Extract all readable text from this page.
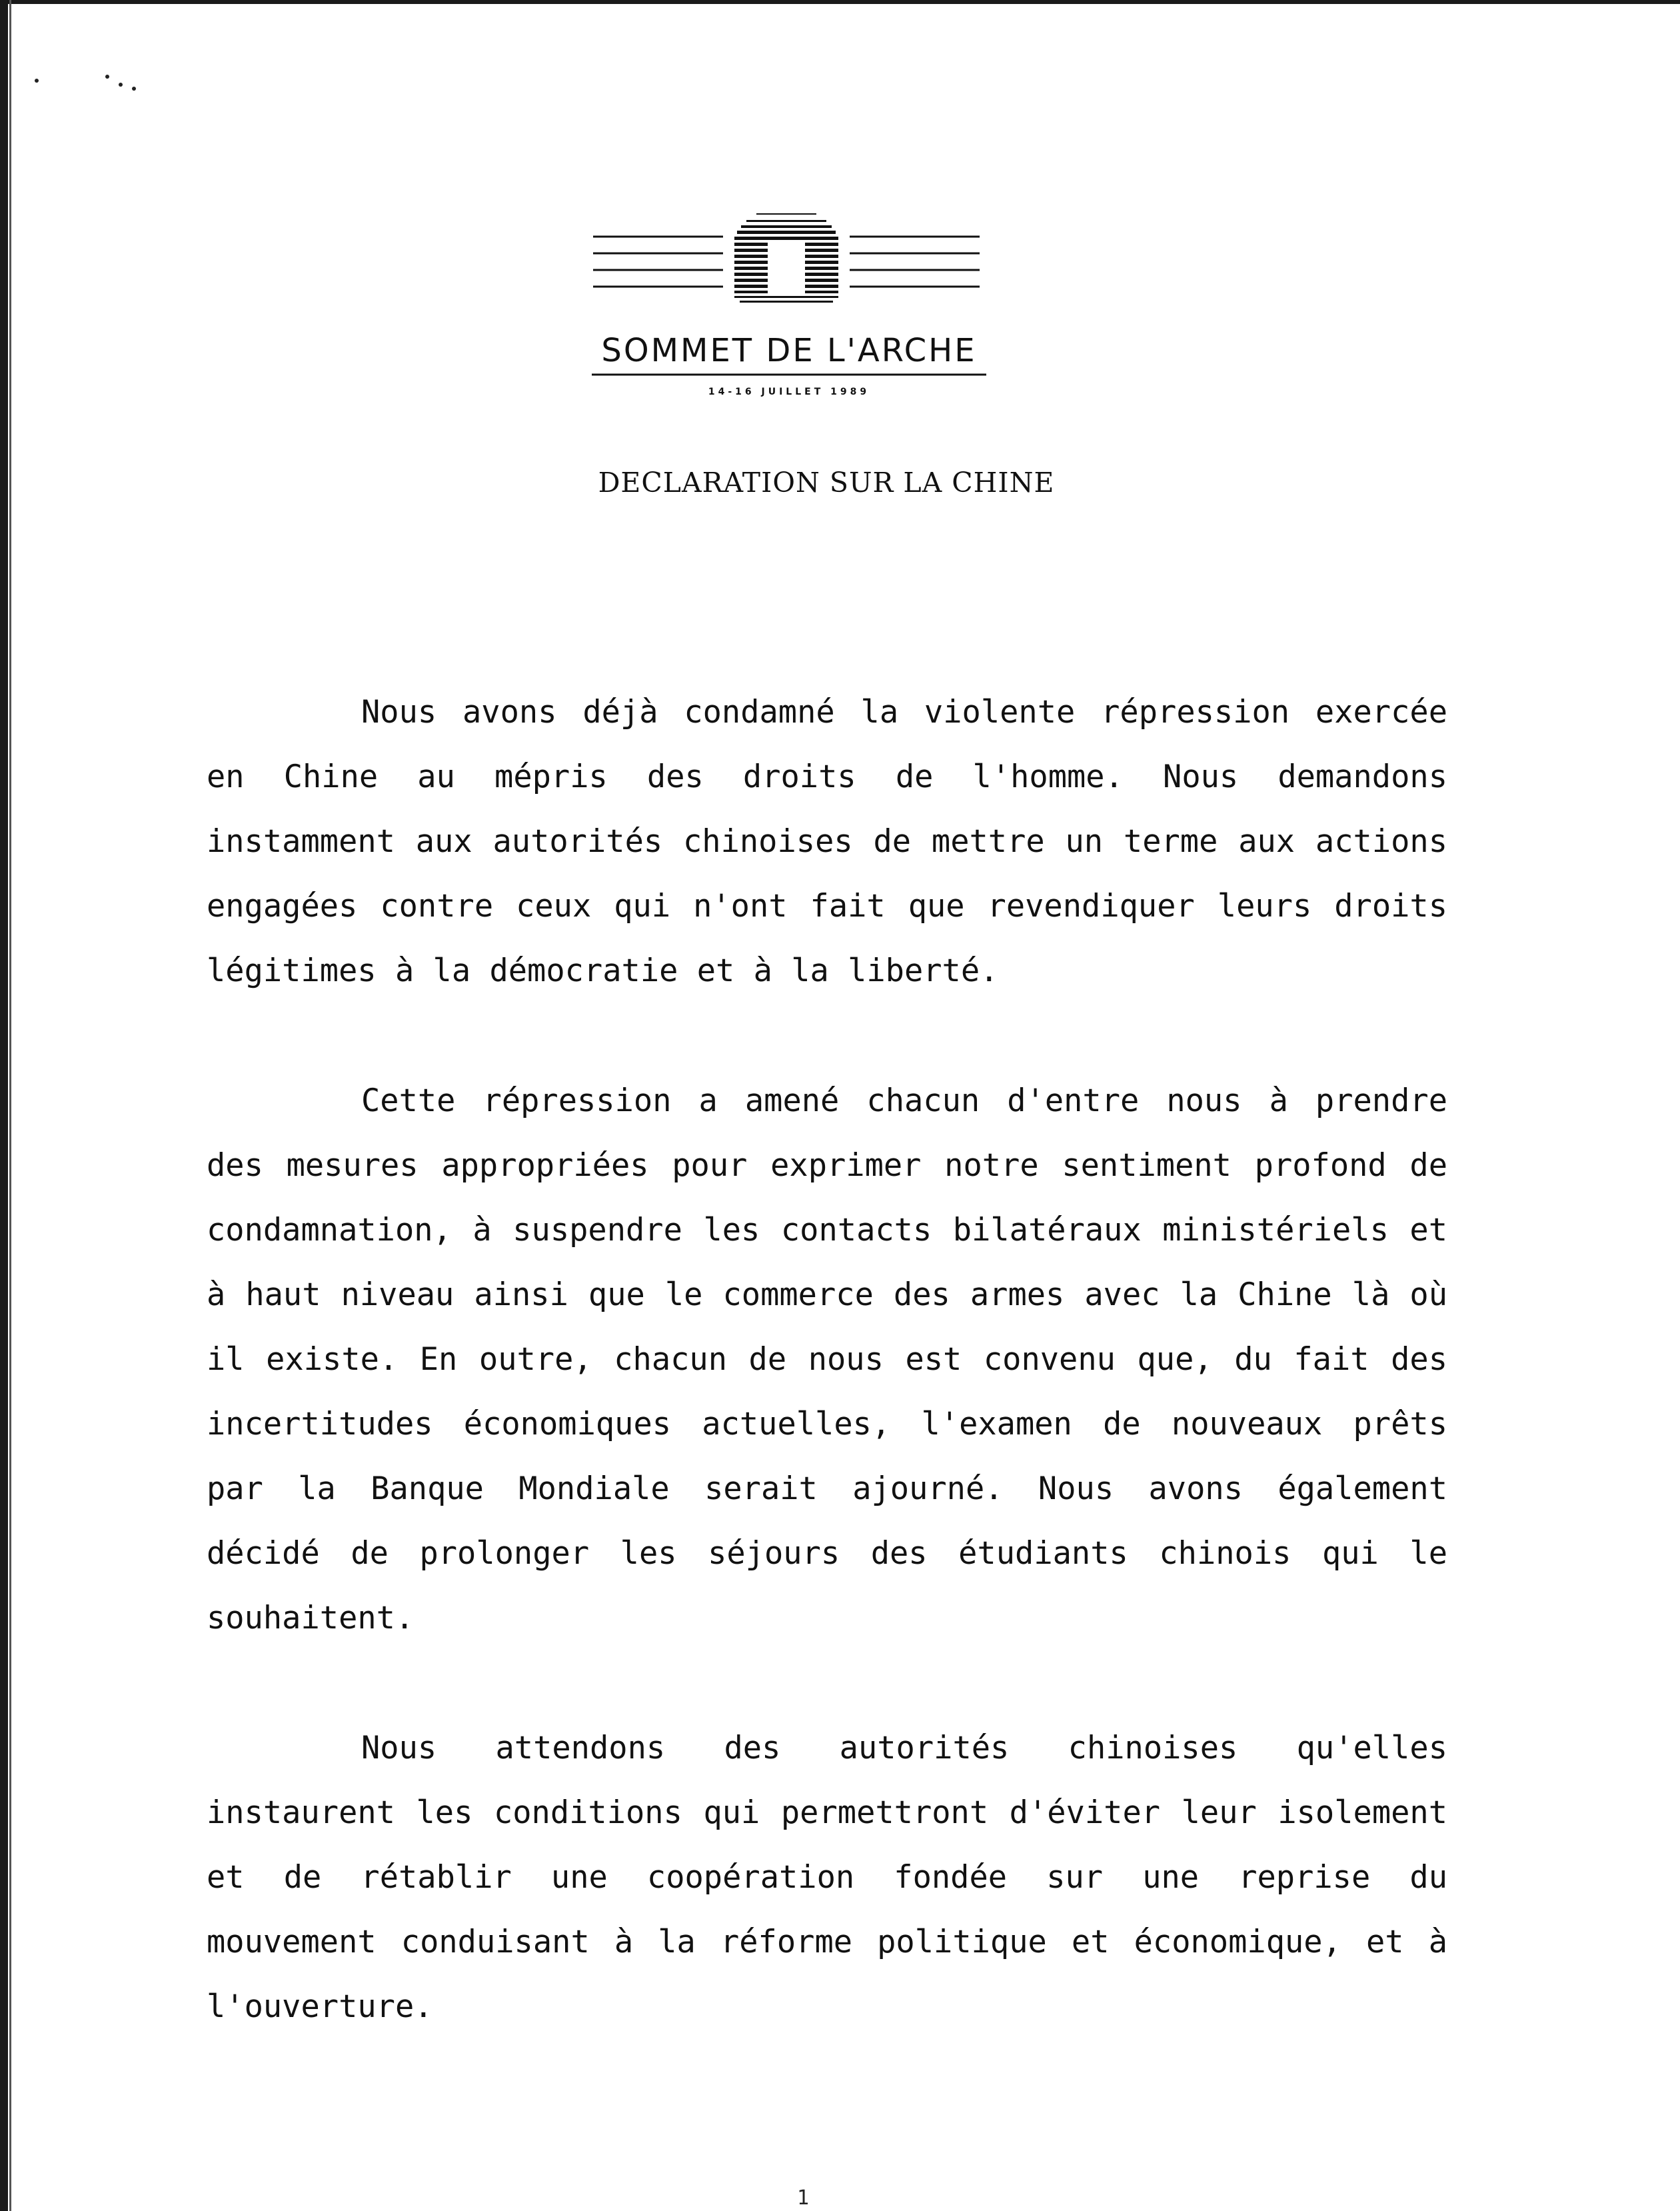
SOMMET DE L'ARCHE
14-16 JUILLET 1989
DECLARATION SUR LA CHINE

Nous avons déjà condamné la violente répression exercée en Chine au mépris des droits de l'homme. Nous demandons instamment aux autorités chinoises de mettre un terme aux actions engagées contre ceux qui n'ont fait que revendiquer leurs droits légitimes à la démocratie et à la liberté.

Cette répression a amené chacun d'entre nous à prendre des mesures appropriées pour exprimer notre sentiment profond de condamnation, à suspendre les contacts bilatéraux ministériels et à haut niveau ainsi que le commerce des armes avec la Chine là où il existe. En outre, chacun de nous est convenu que, du fait des incertitudes économiques actuelles, l'examen de nouveaux prêts par la Banque Mondiale serait ajourné. Nous avons également décidé de prolonger les séjours des étudiants chinois qui le souhaitent.

Nous attendons des autorités chinoises qu'elles instaurent les conditions qui permettront d'éviter leur isolement et de rétablir une coopération fondée sur une reprise du mouvement conduisant à la réforme politique et économique, et à l'ouverture.

1
